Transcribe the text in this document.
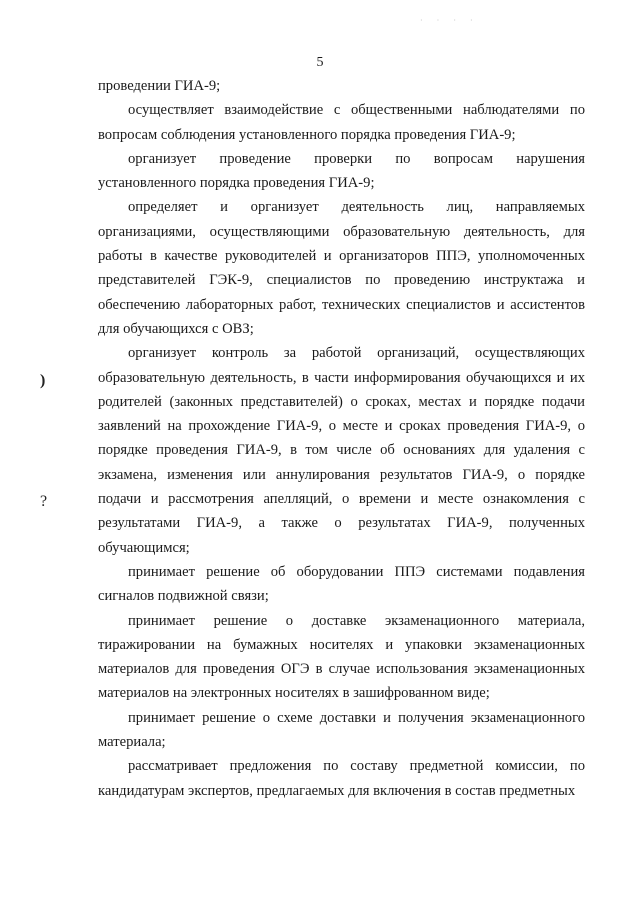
· · · ·
5
)
?

проведении ГИА-9;

осуществляет взаимодействие с общественными наблюдателями по вопросам соблюдения установленного порядка проведения ГИА-9;

организует проведение проверки по вопросам нарушения установленного порядка проведения ГИА-9;

определяет и организует деятельность лиц, направляемых организациями, осуществляющими образовательную деятельность, для работы в качестве руководителей и организаторов ППЭ, уполномоченных представителей ГЭК-9, специалистов по проведению инструктажа и обеспечению лабораторных работ, технических специалистов и ассистентов для обучающихся с ОВЗ;

организует контроль за работой организаций, осуществляющих образовательную деятельность, в части информирования обучающихся и их родителей (законных представителей) о сроках, местах и порядке подачи заявлений на прохождение ГИА-9, о месте и сроках проведения ГИА-9, о порядке проведения ГИА-9, в том числе об основаниях для удаления с экзамена, изменения или аннулирования результатов ГИА-9, о порядке подачи и рассмотрения апелляций, о времени и месте ознакомления с результатами ГИА-9, а также о результатах ГИА-9, полученных обучающимся;

принимает решение об оборудовании ППЭ системами подавления сигналов подвижной связи;

принимает решение о доставке экзаменационного материала, тиражировании на бумажных носителях и упаковки экзаменационных материалов для проведения ОГЭ в случае использования экзаменационных материалов на электронных носителях в зашифрованном виде;

принимает решение о схеме доставки и получения экзаменационного материала;

рассматривает предложения по составу предметной комиссии, по кандидатурам экспертов, предлагаемых для включения в состав предметных
